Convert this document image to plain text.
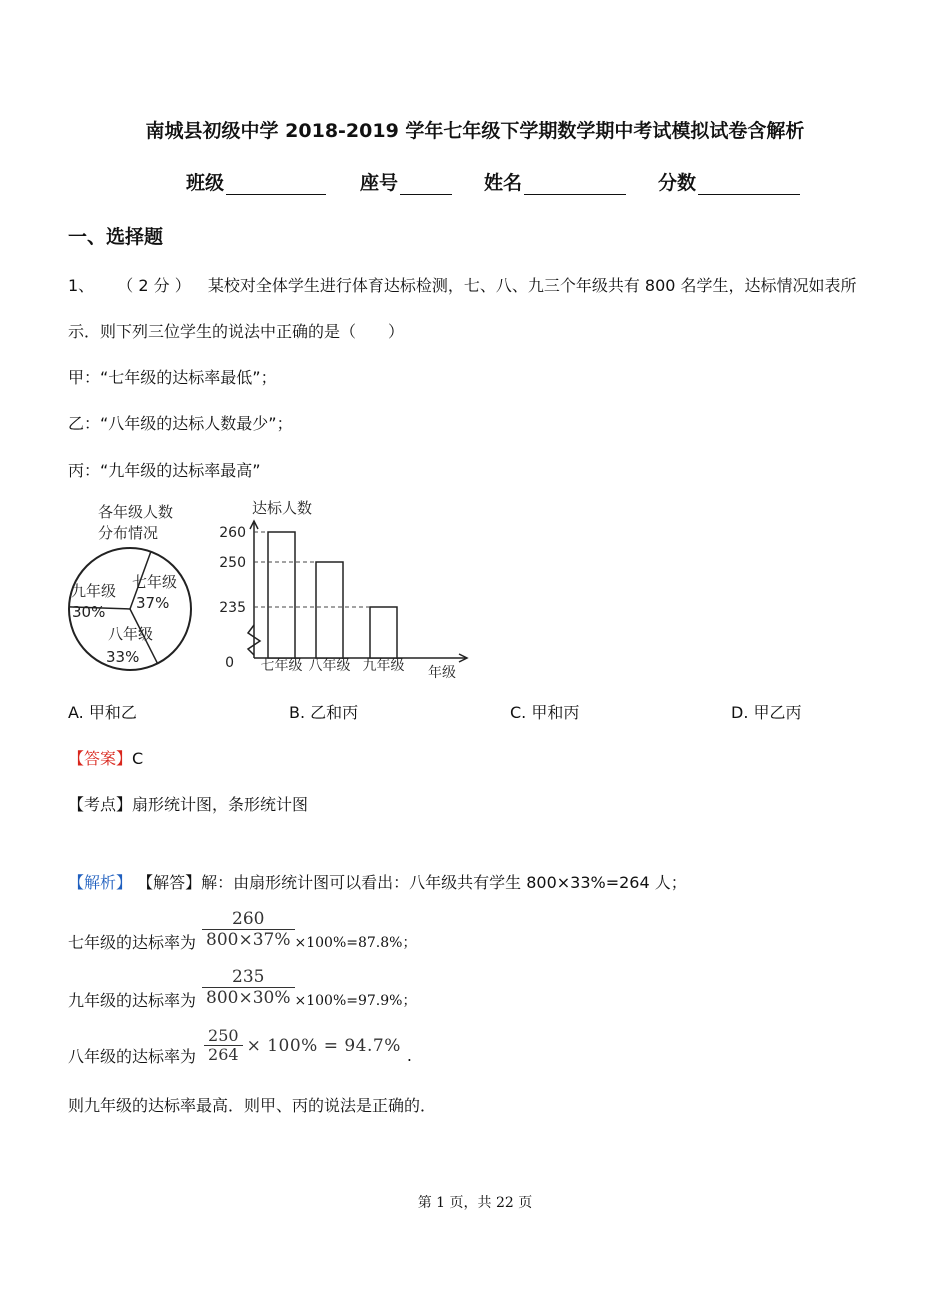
南城县初级中学 2018-2019 学年七年级下学期数学期中考试模拟试卷含解析
班级	座号	姓名	分数
一、选择题
1、 （ 2 分 ） 某校对全体学生进行体育达标检测，七、八、九三个年级共有 800 名学生，达标情况如表所
示．则下列三位学生的说法中正确的是（　　）
甲：“七年级的达标率最低”；
乙：“八年级的达标人数最少”；
丙：“九年级的达标率最高”
各年级人数
分布情况
七年级
37%
八年级
33%
九年级
30%
达标人数
260
七年级
250
八年级
235
九年级
0
年级
A. 甲和乙	B. 乙和丙	C. 甲和丙	D. 甲乙丙
【答案】C
【考点】扇形统计图，条形统计图
【解析】 【解答】解：由扇形统计图可以看出：八年级共有学生 800×33%=264 人；
七年级的达标率为 $\frac{260}{800\times 37\%} \times 100\%=87.8\%$；
九年级的达标率为 $\frac{235}{800\times 30\%} \times 100\%=97.9\%$；
八年级的达标率为 $\frac{250}{264} \times 100\% = 94.7\%$ .
则九年级的达标率最高．则甲、丙的说法是正确的．
第 1 页，共 22 页
